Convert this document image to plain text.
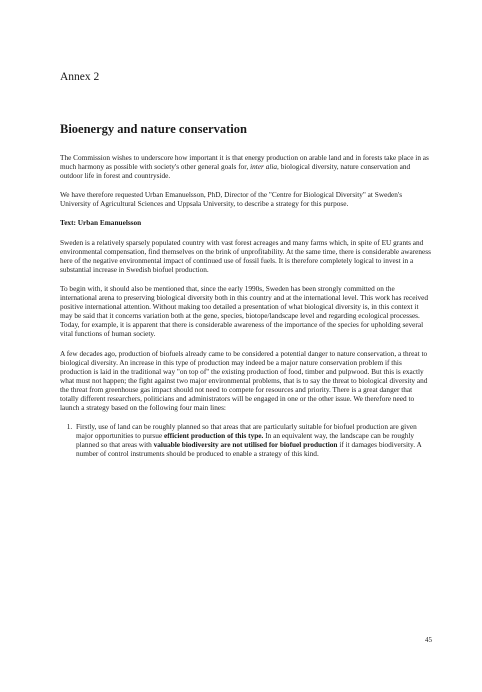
Annex 2
Bioenergy and nature conservation

The Commission wishes to underscore how important it is that energy production on arable land and in forests take place in as much harmony as possible with society's other general goals for, inter alia, biological diversity, nature conservation and outdoor life in forest and countryside.

We have therefore requested Urban Emanuelsson, PhD, Director of the "Centre for Biological Diversity" at Sweden's University of Agricultural Sciences and Uppsala University, to describe a strategy for this purpose.

Text: Urban Emanuelsson

Sweden is a relatively sparsely populated country with vast forest acreages and many farms which, in spite of EU grants and environmental compensation, find themselves on the brink of unprofitability. At the same time, there is considerable awareness here of the negative environmental impact of continued use of fossil fuels. It is therefore completely logical to invest in a substantial increase in Swedish biofuel production.

To begin with, it should also be mentioned that, since the early 1990s, Sweden has been strongly committed on the international arena to preserving biological diversity both in this country and at the international level. This work has received positive international attention. Without making too detailed a presentation of what biological diversity is, in this context it may be said that it concerns variation both at the gene, species, biotope/landscape level and regarding ecological processes. Today, for example, it is apparent that there is considerable awareness of the importance of the species for upholding several vital functions of human society.

A few decades ago, production of biofuels already came to be considered a potential danger to nature conservation, a threat to biological diversity. An increase in this type of production may indeed be a major nature conservation problem if this production is laid in the traditional way "on top of" the existing production of food, timber and pulpwood. But this is exactly what must not happen; the fight against two major environmental problems, that is to say the threat to biological diversity and the threat from greenhouse gas impact should not need to compete for resources and priority. There is a great danger that totally different researchers, politicians and administrators will be engaged in one or the other issue. We therefore need to launch a strategy based on the following four main lines:

1. Firstly, use of land can be roughly planned so that areas that are particularly suitable for biofuel production are given major opportunities to pursue efficient production of this type. In an equivalent way, the landscape can be roughly planned so that areas with valuable biodiversity are not utilised for biofuel production if it damages biodiversity. A number of control instruments should be produced to enable a strategy of this kind.
45
